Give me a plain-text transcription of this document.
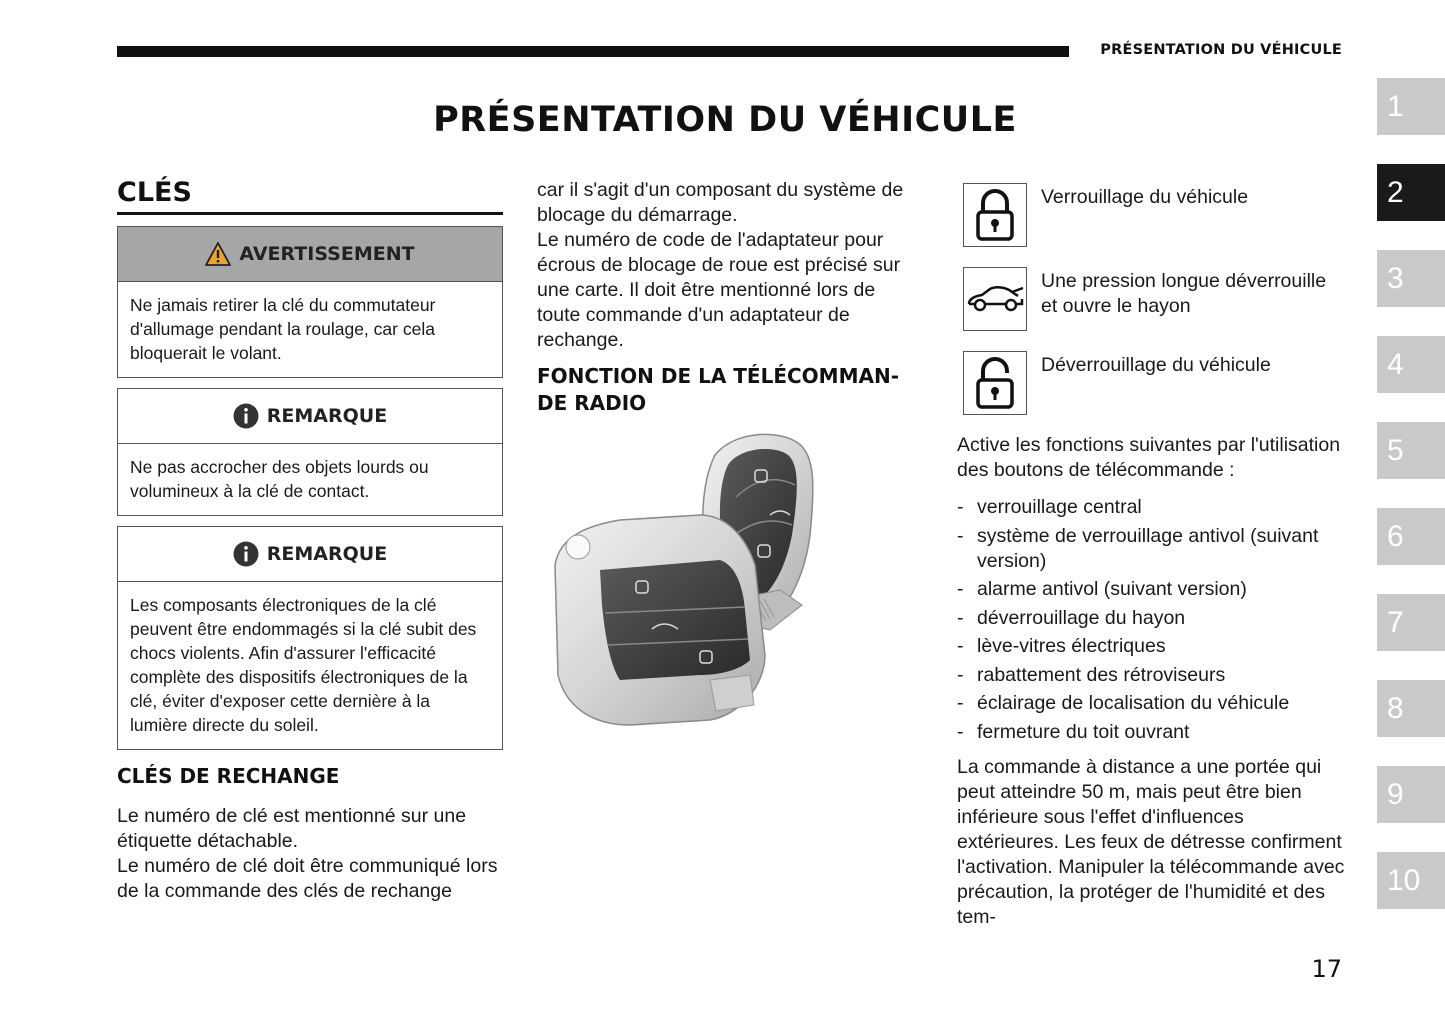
PRÉSENTATION DU VÉHICULE
PRÉSENTATION DU VÉHICULE	1
2
3
4
5
6
7
8
9
10
CLÉS
AVERTISSEMENT
Ne jamais retirer la clé du commutateur d'allumage pendant la roulage, car cela bloquerait le volant.
REMARQUE
Ne pas accrocher des objets lourds ou volumineux à la clé de contact.
REMARQUE
Les composants électroniques de la clé peuvent être endommagés si la clé subit des chocs violents. Afin d'assurer l'efficacité complète des dispositifs électroniques de la clé, éviter d'exposer cette dernière à la lumière directe du soleil.
CLÉS DE RECHANGE

Le numéro de clé est mentionné sur une étiquette détachable.

Le numéro de clé doit être communiqué lors de la commande des clés de rechange

car il s'agit d'un composant du système de blocage du démarrage.

Le numéro de code de l'adaptateur pour écrous de blocage de roue est précisé sur une carte. Il doit être mentionné lors de toute commande d'un adaptateur de rechange.

FONCTION DE LA TÉLÉCOMMAN-
DE RADIO
Verrouillage du véhicule
Une pression longue déverrouille et ouvre le hayon
Déverrouillage du véhicule

Active les fonctions suivantes par l'utilisation des boutons de télécommande :

- verrouillage central
- système de verrouillage antivol (suivant version)
- alarme antivol (suivant version)
- déverrouillage du hayon
- lève-vitres électriques
- rabattement des rétroviseurs
- éclairage de localisation du véhicule
- fermeture du toit ouvrant

La commande à distance a une portée qui peut atteindre 50 m, mais peut être bien inférieure sous l'effet d'influences extérieures. Les feux de détresse confirment l'activation. Manipuler la télécommande avec précaution, la protéger de l'humidité et des tem-

17
